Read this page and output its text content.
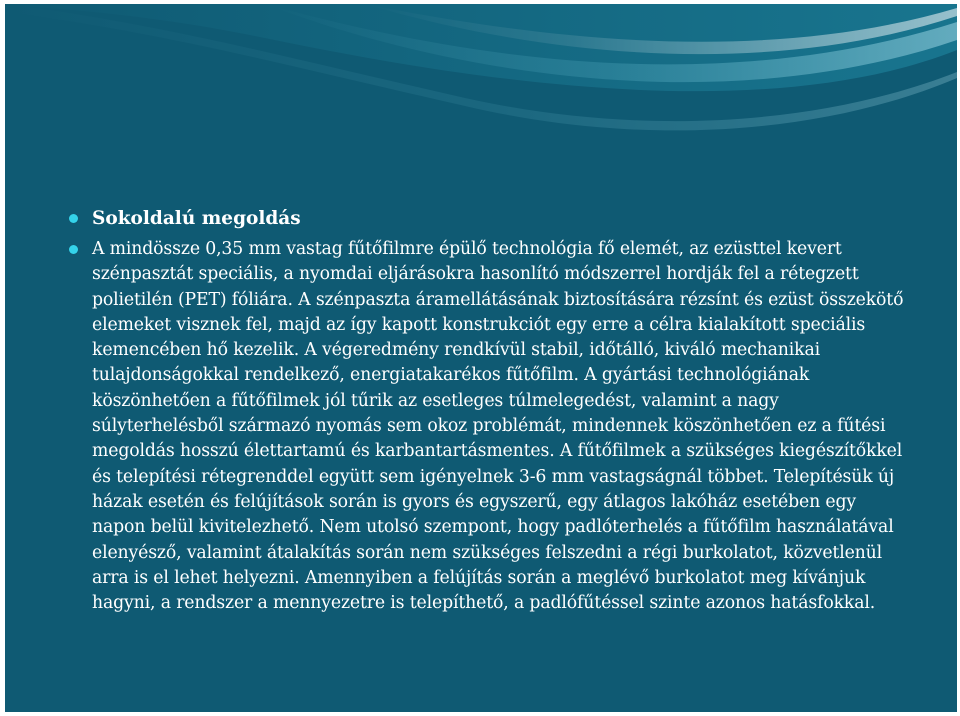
Sokoldalú megoldás
A mindössze 0,35 mm vastag fűtőfilmre épülő technológia fő elemét, az ezüsttel kevert szénpasztát speciális, a nyomdai eljárásokra hasonlító módszerrel hordják fel a rétegzett polietilén (PET) fóliára. A szénpaszta áramellátásának biztosítására rézsínt és ezüst összekötő elemeket visznek fel, majd az így kapott konstrukciót egy erre a célra kialakított speciális kemencében hő kezelik. A végeredmény rendkívül stabil, időtálló, kiváló mechanikai tulajdonságokkal rendelkező, energiatakarékos fűtőfilm. A gyártási technológiának köszönhetően a fűtőfilmek jól tűrik az esetleges túlmelegedést, valamint a nagy súlyterhelésből származó nyomás sem okoz problémát, mindennek köszönhetően ez a fűtési megoldás hosszú élettartamú és karbantartásmentes. A fűtőfilmek a szükséges kiegészítőkkel és telepítési rétegrenddel együtt sem igényelnek 3-6 mm vastagságnál többet. Telepítésük új házak esetén és felújítások során is gyors és egyszerű, egy átlagos lakóház esetében egy napon belül kivitelezhető. Nem utolsó szempont, hogy padlóterhelés a fűtőfilm használatával elenyésző, valamint átalakítás során nem szükséges felszedni a régi burkolatot, közvetlenül arra is el lehet helyezni. Amennyiben a felújítás során a meglévő burkolatot meg kívánjuk hagyni, a rendszer a mennyezetre is telepíthető, a padlófűtéssel szinte azonos hatásfokkal.
